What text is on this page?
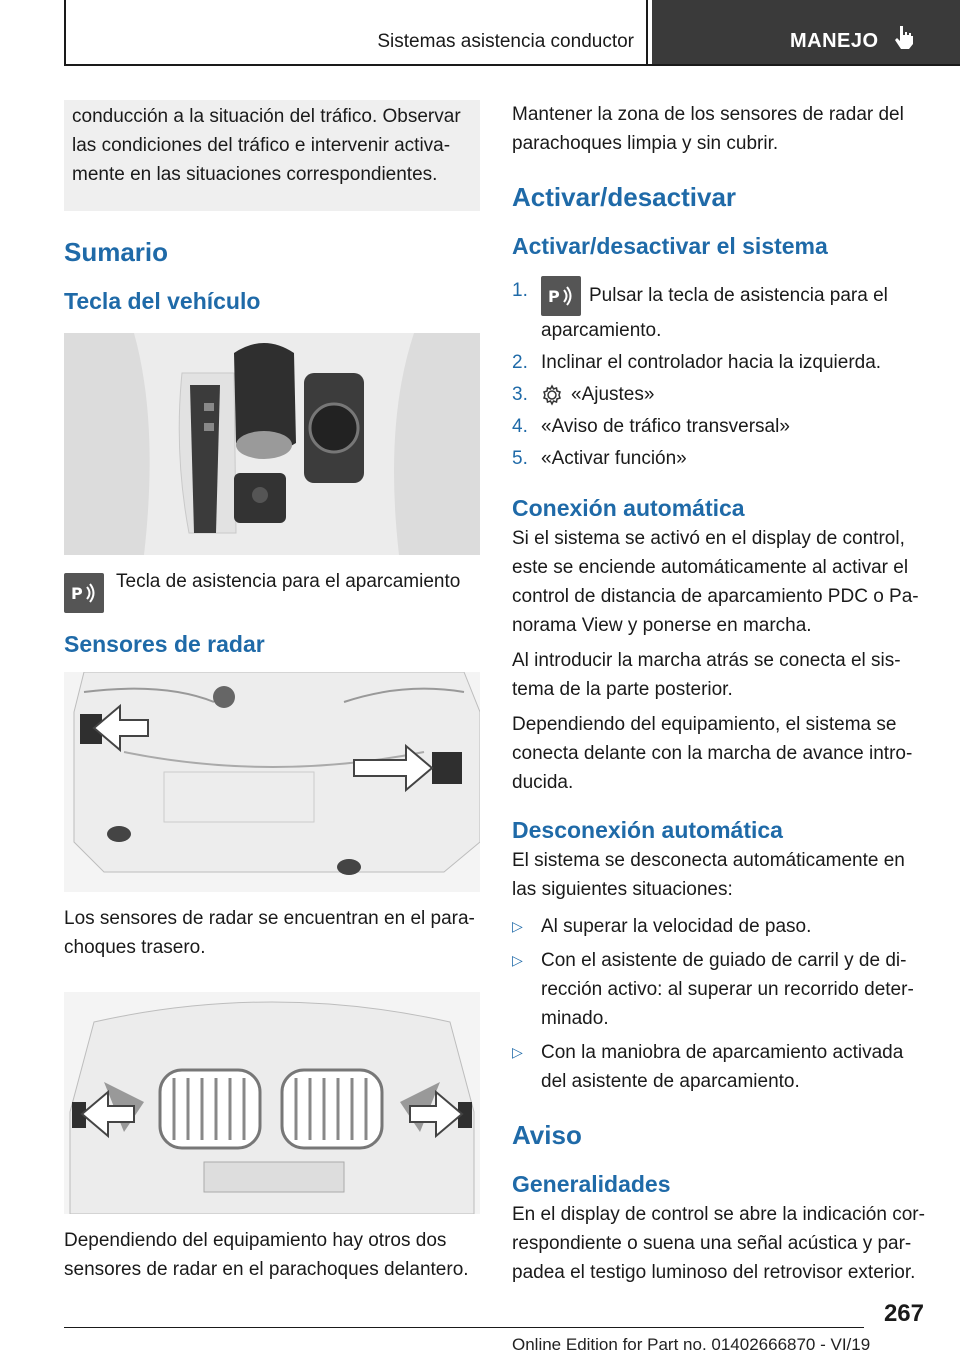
Sistemas asistencia conductor	MANEJO
conducción a la situación del tráfico. Observar las condiciones del tráfico e intervenir activa-mente en las situaciones correspondientes.
Sumario
Tecla del vehículo
P

Tecla de asistencia para el aparcamiento

Sensores de radar

Los sensores de radar se encuentran en el para-choques trasero.

Dependiendo del equipamiento hay otros dos sensores de radar en el parachoques delantero.

Mantener la zona de los sensores de radar del parachoques limpia y sin cubrir.

Activar/desactivar
Activar/desactivar el sistema
1. P Pulsar la tecla de asistencia para el aparcamiento.
2. Inclinar el controlador hacia la izquierda.
3. «Ajustes»
4. «Aviso de tráfico transversal»
5. «Activar función»
Conexión automática

Si el sistema se activó en el display de control, este se enciende automáticamente al activar el control de distancia de aparcamiento PDC o Pa-norama View y ponerse en marcha.

Al introducir la marcha atrás se conecta el sis-tema de la parte posterior.

Dependiendo del equipamiento, el sistema se conecta delante con la marcha de avance intro-ducida.

Desconexión automática

El sistema se desconecta automáticamente en las siguientes situaciones:

▷ Al superar la velocidad de paso.
▷ Con el asistente de guiado de carril y de di-rección activo: al superar un recorrido deter-minado.
▷ Con la maniobra de aparcamiento activada del asistente de aparcamiento.
Aviso
Generalidades

En el display de control se abre la indicación cor-respondiente o suena una señal acústica y par-padea el testigo luminoso del retrovisor exterior.

267
Online Edition for Part no. 01402666870 - VI/19
